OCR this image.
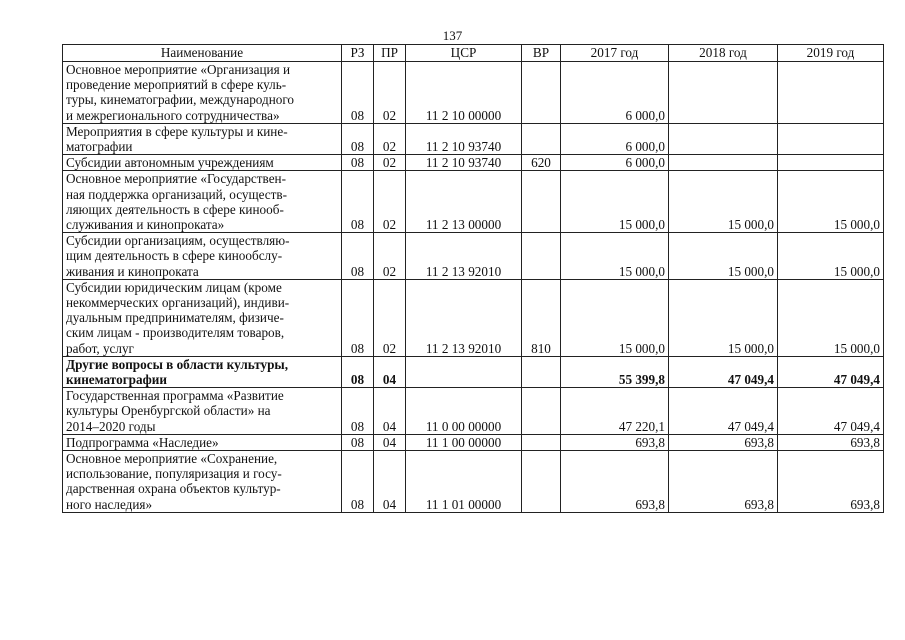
137
Наименование	РЗ	ПР	ЦСР	ВР	2017 год	2018 год	2019 год
Основное мероприятие «Организация и
проведение мероприятий в сфере куль-
туры, кинематографии, международного
и межрегионального сотрудничества»	08	02	11 2 10 00000		6 000,0		
Мероприятия в сфере культуры и кине-
матографии	08	02	11 2 10 93740		6 000,0		
Субсидии автономным учреждениям	08	02	11 2 10 93740	620	6 000,0		
Основное мероприятие «Государствен-
ная поддержка организаций, осуществ-
ляющих деятельность в сфере кинооб-
служивания и кинопроката»	08	02	11 2 13 00000		15 000,0	15 000,0	15 000,0
Субсидии организациям, осуществляю-
щим деятельность в сфере кинообслу-
живания и кинопроката	08	02	11 2 13 92010		15 000,0	15 000,0	15 000,0
Субсидии юридическим лицам (кроме
некоммерческих организаций), индиви-
дуальным предпринимателям, физиче-
ским лицам - производителям товаров,
работ, услуг	08	02	11 2 13 92010	810	15 000,0	15 000,0	15 000,0
Другие вопросы в области культуры,
кинематографии	08	04			55 399,8	47 049,4	47 049,4
Государственная программа «Развитие
культуры Оренбургской области» на
2014–2020 годы	08	04	11 0 00 00000		47 220,1	47 049,4	47 049,4
Подпрограмма «Наследие»	08	04	11 1 00 00000		693,8	693,8	693,8
Основное мероприятие «Сохранение,
использование, популяризация и госу-
дарственная охрана объектов культур-
ного наследия»	08	04	11 1 01 00000		693,8	693,8	693,8
